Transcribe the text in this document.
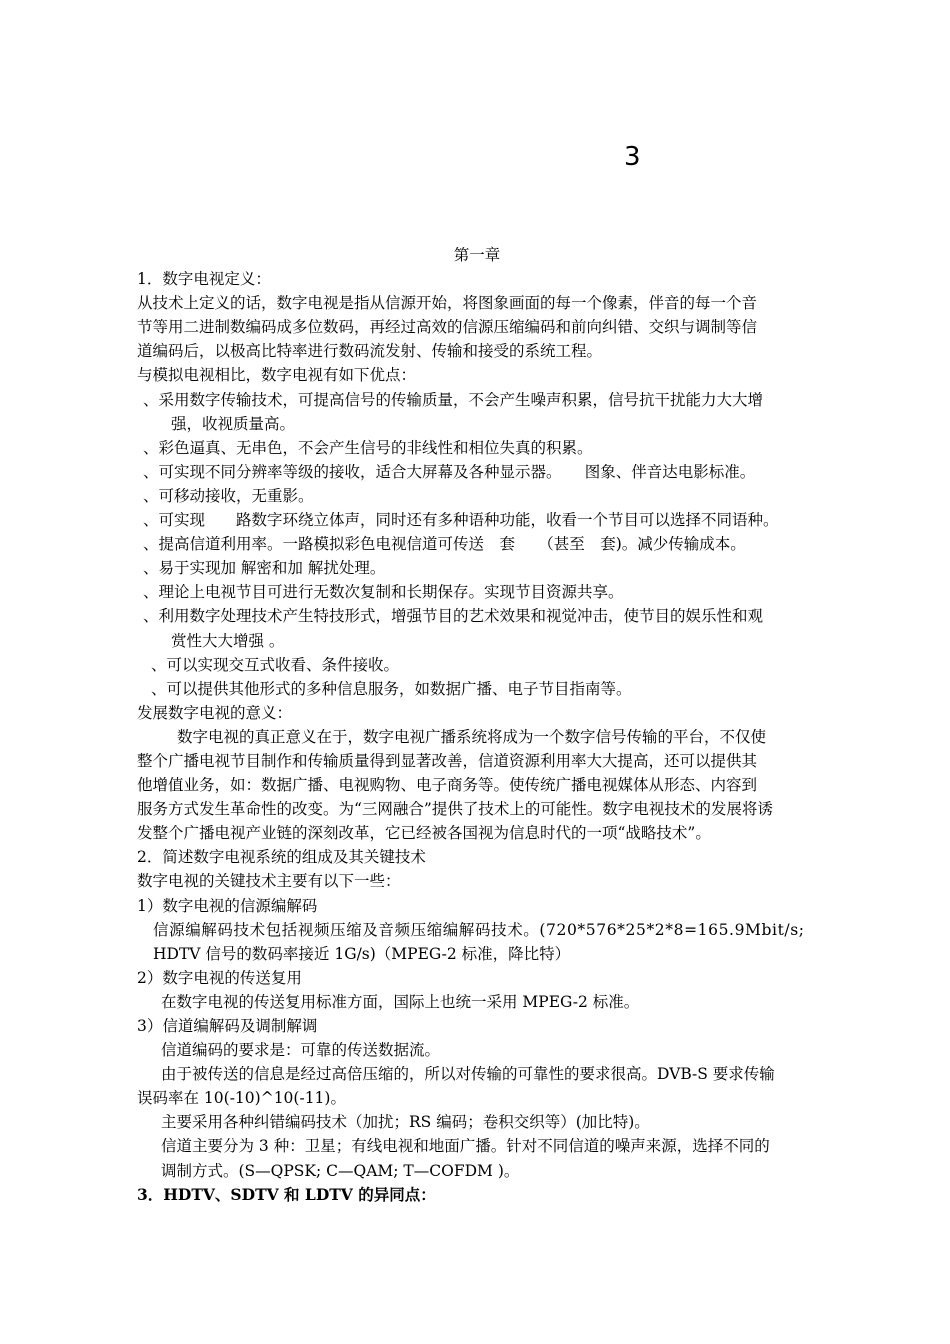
3
第一章
1．数字电视定义：
从技术上定义的话，数字电视是指从信源开始，将图象画面的每一个像素，伴音的每一个音
节等用二进制数编码成多位数码，再经过高效的信源压缩编码和前向纠错、交织与调制等信
道编码后，以极高比特率进行数码流发射、传输和接受的系统工程。
与模拟电视相比，数字电视有如下优点：
、采用数字传输技术，可提高信号的传输质量，不会产生噪声积累，信号抗干扰能力大大增
强，收视质量高。
、彩色逼真、无串色，不会产生信号的非线性和相位失真的积累。
、可实现不同分辨率等级的接收，适合大屏幕及各种显示器。　　图象、伴音达电影标准。
、可移动接收，无重影。
、可实现　　路数字环绕立体声，同时还有多种语种功能，收看一个节目可以选择不同语种。
、提高信道利用率。一路模拟彩色电视信道可传送　套　　（甚至　套)。减少传输成本。
、易于实现加 解密和加 解扰处理。
、理论上电视节目可进行无数次复制和长期保存。实现节目资源共享。
、利用数字处理技术产生特技形式，增强节目的艺术效果和视觉冲击，使节目的娱乐性和观
赏性大大增强 。
、可以实现交互式收看、条件接收。
、可以提供其他形式的多种信息服务，如数据广播、电子节目指南等。
发展数字电视的意义：
数字电视的真正意义在于，数字电视广播系统将成为一个数字信号传输的平台，不仅使
整个广播电视节目制作和传输质量得到显著改善，信道资源利用率大大提高，还可以提供其
他增值业务，如：数据广播、电视购物、电子商务等。使传统广播电视媒体从形态、内容到
服务方式发生革命性的改变。为“三网融合”提供了技术上的可能性。数字电视技术的发展将诱
发整个广播电视产业链的深刻改革，它已经被各国视为信息时代的一项“战略技术”。
2．简述数字电视系统的组成及其关键技术
数字电视的关键技术主要有以下一些：
1）数字电视的信源编解码
信源编解码技术包括视频压缩及音频压缩编解码技术。(720*576*25*2*8=165.9Mbit/s;
HDTV 信号的数码率接近 1G/s)（MPEG-2 标准，降比特）
2）数字电视的传送复用
在数字电视的传送复用标准方面，国际上也统一采用 MPEG-2 标准。
3）信道编解码及调制解调
信道编码的要求是：可靠的传送数据流。
由于被传送的信息是经过高倍压缩的，所以对传输的可靠性的要求很高。DVB-S 要求传输
误码率在 10(-10)^10(-11)。
主要采用各种纠错编码技术（加扰；RS 编码；卷积交织等）(加比特)。
信道主要分为 3 种：卫星；有线电视和地面广播。针对不同信道的噪声来源，选择不同的
调制方式。(S—QPSK; C—QAM; T—COFDM )。
3．HDTV、SDTV 和 LDTV 的异同点：
